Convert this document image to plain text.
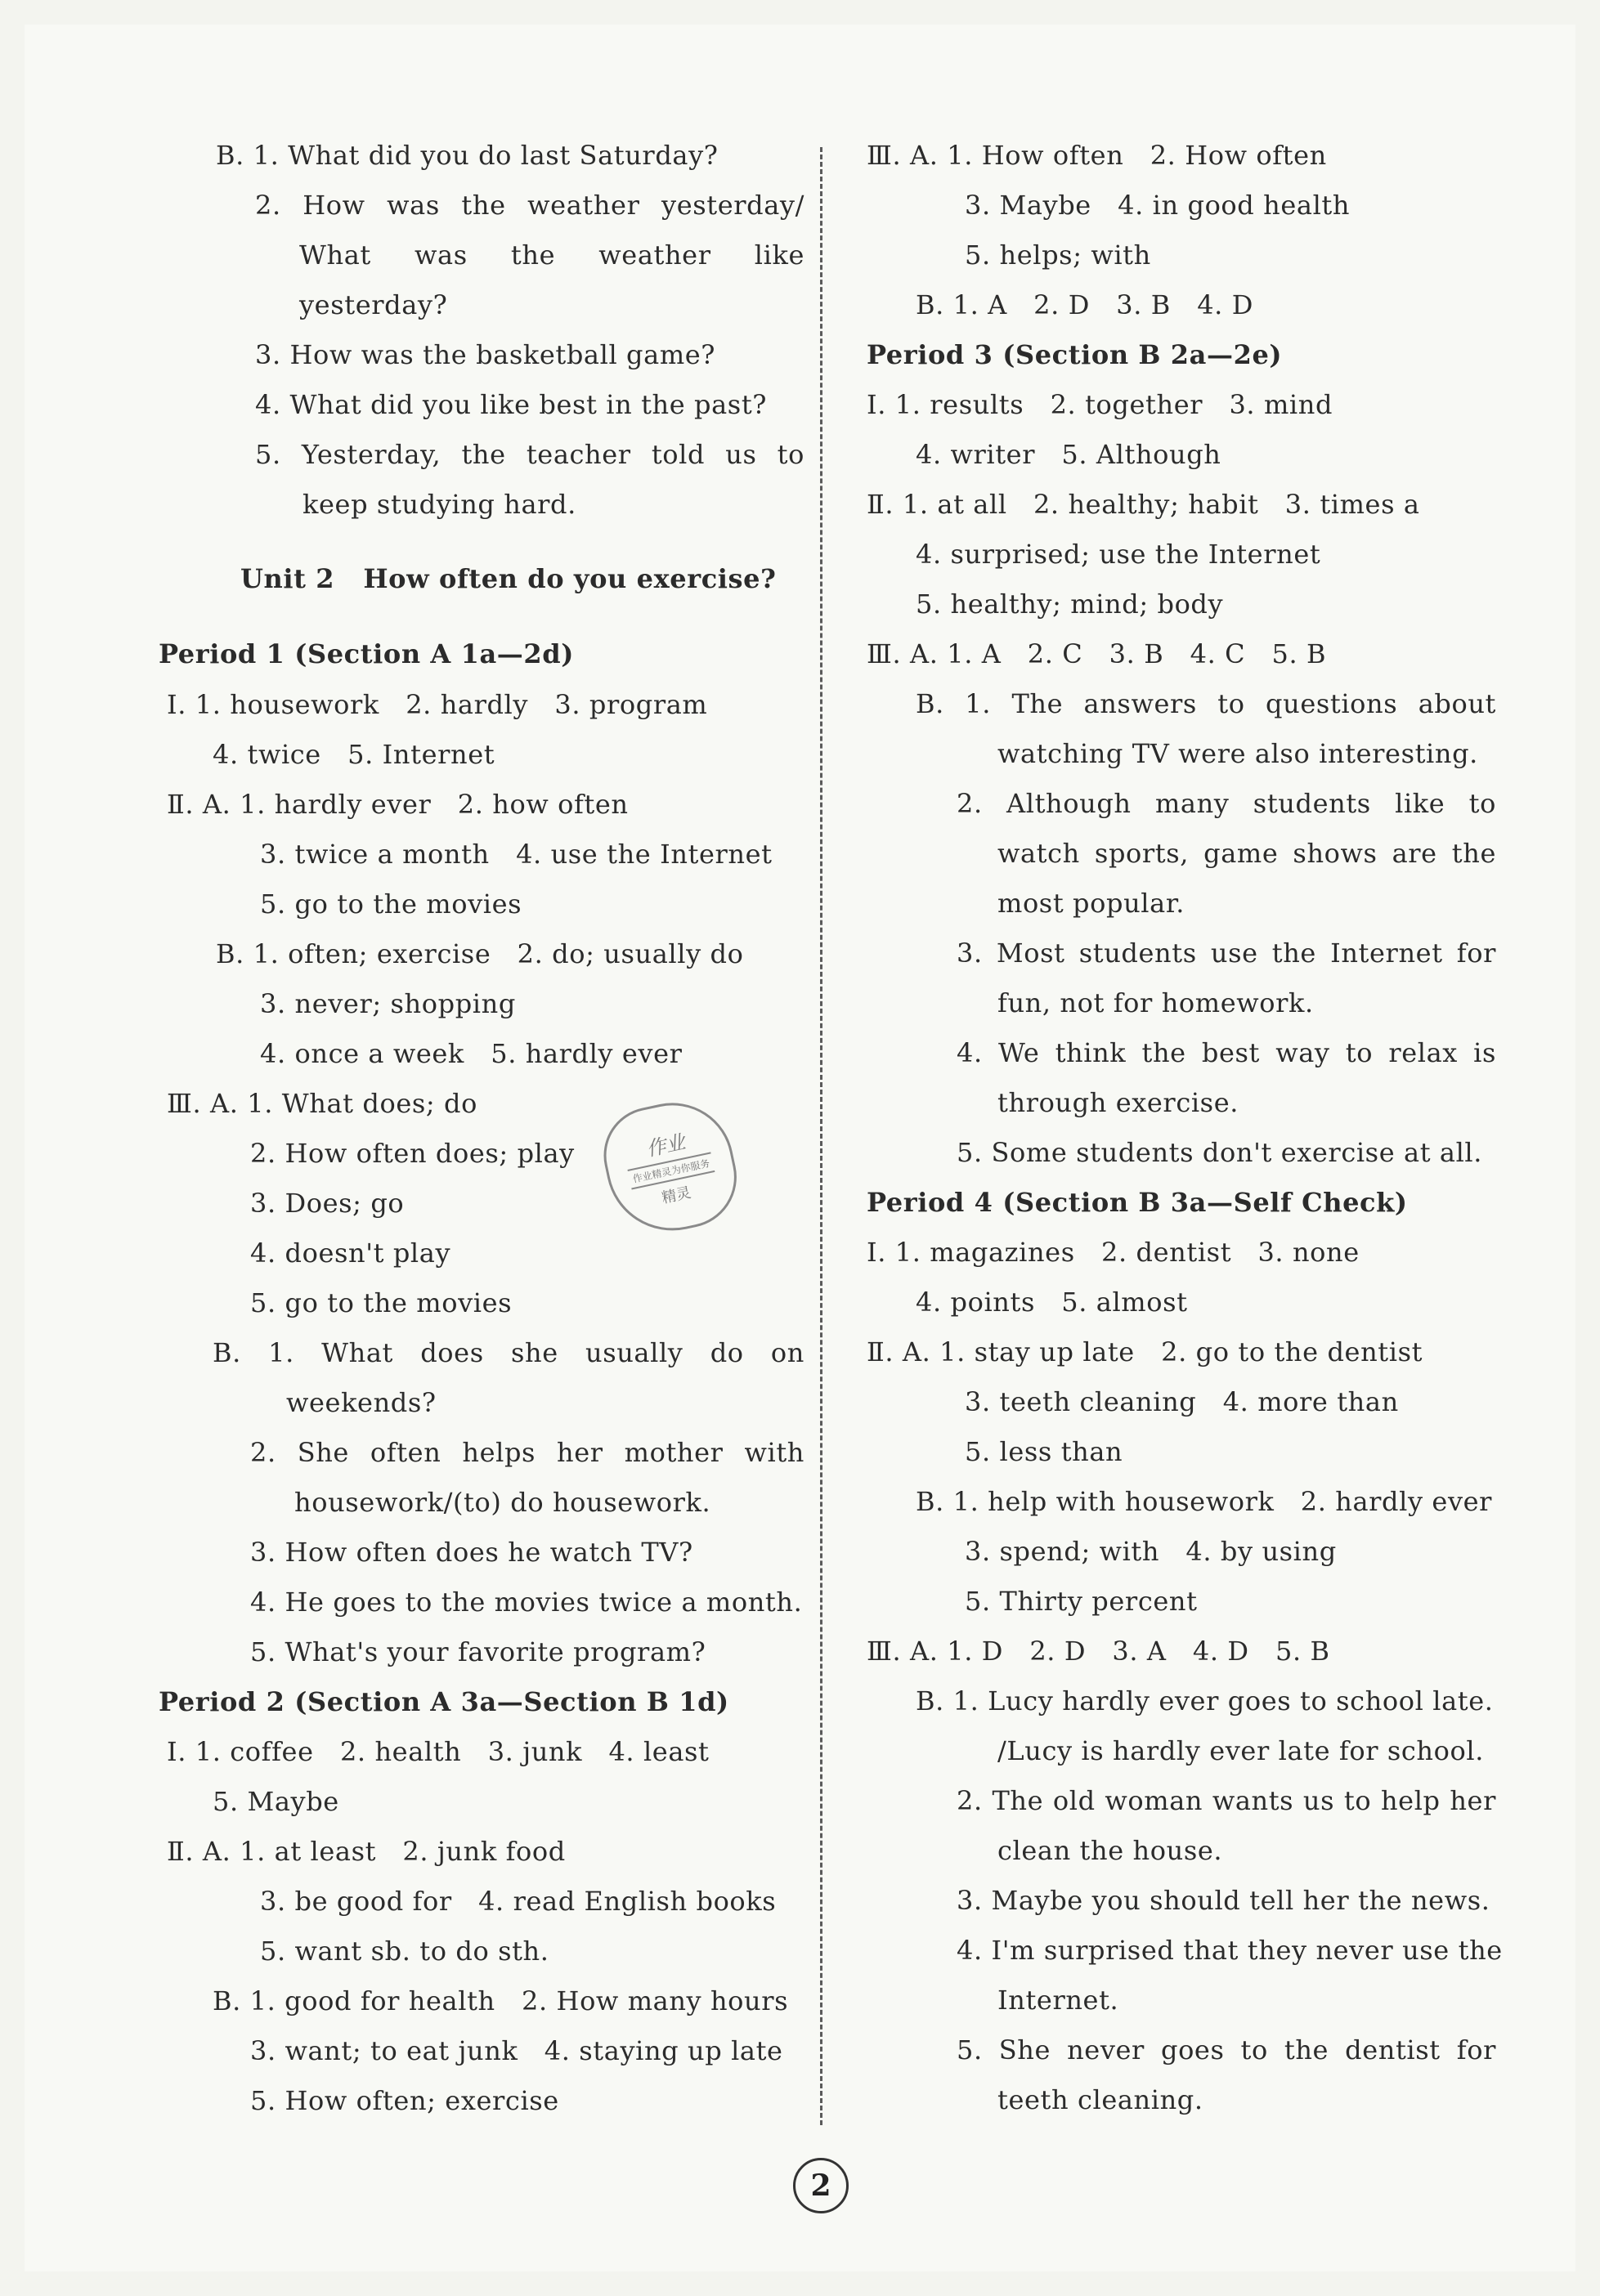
B. 1. What did you do last Saturday?
2. How was the weather yesterday/
What was the weather like
yesterday?
3. How was the basketball game?
4. What did you like best in the past?
5. Yesterday, the teacher told us to
keep studying hard.
Unit 2   How often do you exercise?
Period 1 (Section A 1a—2d)
Ⅰ. 1. housework   2. hardly   3. program
4. twice   5. Internet
Ⅱ. A. 1. hardly ever   2. how often
3. twice a month   4. use the Internet
5. go to the movies
B. 1. often; exercise   2. do; usually do
3. never; shopping
4. once a week   5. hardly ever
Ⅲ. A. 1. What does; do
2. How often does; play
3. Does; go
4. doesn't play
5. go to the movies
B. 1. What does she usually do on
weekends?
2. She often helps her mother with
housework/(to) do housework.
3. How often does he watch TV?
4. He goes to the movies twice a month.
5. What's your favorite program?
Period 2 (Section A 3a—Section B 1d)
Ⅰ. 1. coffee   2. health   3. junk   4. least
5. Maybe
Ⅱ. A. 1. at least   2. junk food
3. be good for   4. read English books
5. want sb. to do sth.
B. 1. good for health   2. How many hours
3. want; to eat junk   4. staying up late
5. How often; exercise
Ⅲ. A. 1. How often   2. How often
3. Maybe   4. in good health
5. helps; with
B. 1. A   2. D   3. B   4. D
Period 3 (Section B 2a—2e)
Ⅰ. 1. results   2. together   3. mind
4. writer   5. Although
Ⅱ. 1. at all   2. healthy; habit   3. times a
4. surprised; use the Internet
5. healthy; mind; body
Ⅲ. A. 1. A   2. C   3. B   4. C   5. B
B. 1. The answers to questions about
watching TV were also interesting.
2. Although many students like to
watch sports, game shows are the
most popular.
3. Most students use the Internet for
fun, not for homework.
4. We think the best way to relax is
through exercise.
5. Some students don't exercise at all.
Period 4 (Section B 3a—Self Check)
Ⅰ. 1. magazines   2. dentist   3. none
4. points   5. almost
Ⅱ. A. 1. stay up late   2. go to the dentist
3. teeth cleaning   4. more than
5. less than
B. 1. help with housework   2. hardly ever
3. spend; with   4. by using
5. Thirty percent
Ⅲ. A. 1. D   2. D   3. A   4. D   5. B
B. 1. Lucy hardly ever goes to school late.
/Lucy is hardly ever late for school.
2. The old woman wants us to help her
clean the house.
3. Maybe you should tell her the news.
4. I'm surprised that they never use the
Internet.
5. She never goes to the dentist for
teeth cleaning.
作业
作业精灵为你服务
精灵
2
